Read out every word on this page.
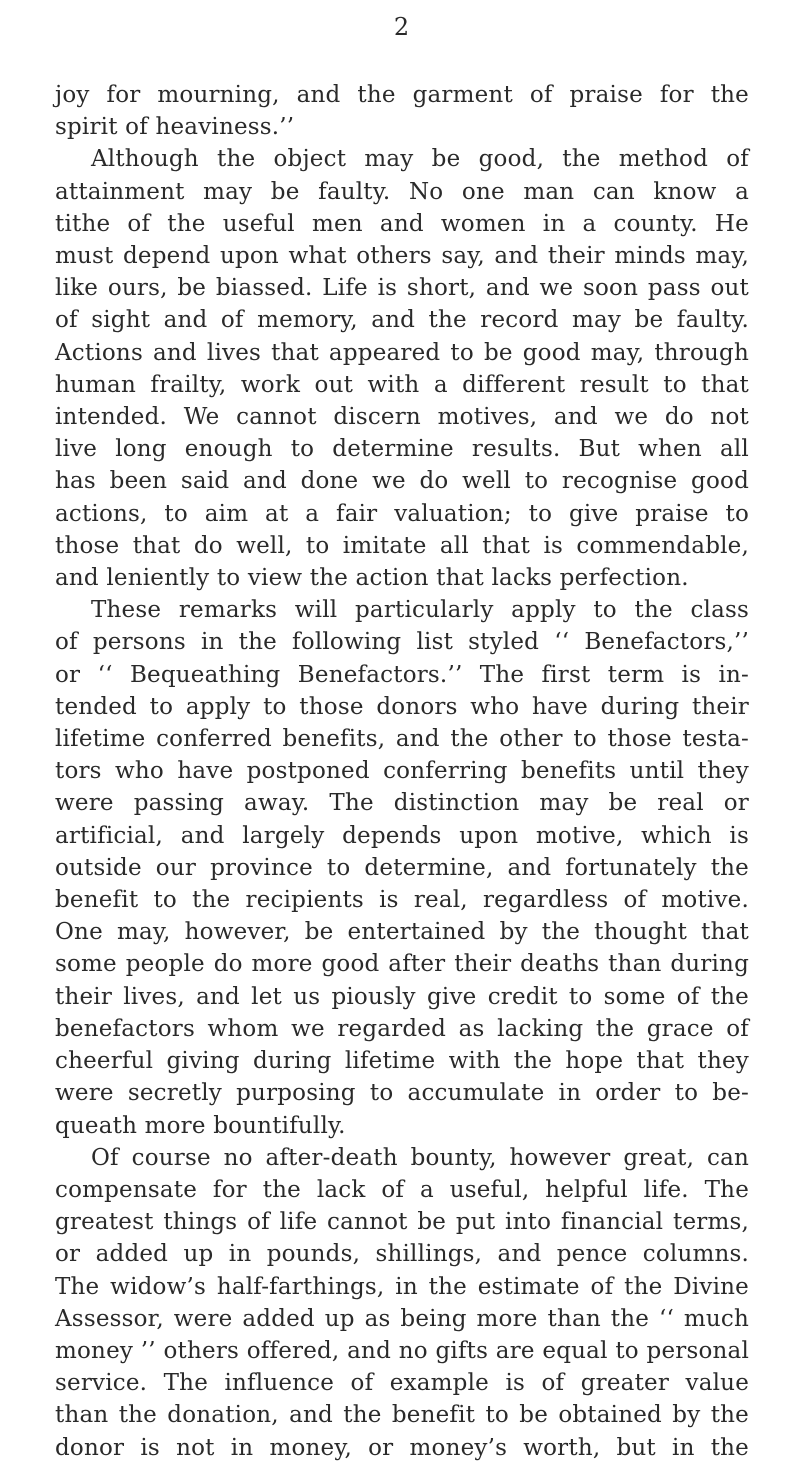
2
joy for mourning, and the garment of praise for the
spirit of heaviness.’’
Although the object may be good, the method of
attainment may be faulty. No one man can know a
tithe of the useful men and women in a county. He
must depend upon what others say, and their minds may,
like ours, be biassed. Life is short, and we soon pass out
of sight and of memory, and the record may be faulty.
Actions and lives that appeared to be good may, through
human frailty, work out with a different result to that
intended. We cannot discern motives, and we do not
live long enough to determine results. But when all
has been said and done we do well to recognise good
actions, to aim at a fair valuation; to give praise to
those that do well, to imitate all that is commendable,
and leniently to view the action that lacks perfection.
These remarks will particularly apply to the class
of persons in the following list styled ‘‘ Benefactors,’’
or ‘‘ Bequeathing Benefactors.’’ The first term is in-
tended to apply to those donors who have during their
lifetime conferred benefits, and the other to those testa-
tors who have postponed conferring benefits until they
were passing away. The distinction may be real or
artificial, and largely depends upon motive, which is
outside our province to determine, and fortunately the
benefit to the recipients is real, regardless of motive.
One may, however, be entertained by the thought that
some people do more good after their deaths than during
their lives, and let us piously give credit to some of the
benefactors whom we regarded as lacking the grace of
cheerful giving during lifetime with the hope that they
were secretly purposing to accumulate in order to be-
queath more bountifully.
Of course no after-death bounty, however great, can
compensate for the lack of a useful, helpful life. The
greatest things of life cannot be put into financial terms,
or added up in pounds, shillings, and pence columns.
The widow’s half-farthings, in the estimate of the Divine
Assessor, were added up as being more than the ‘‘ much
money ’’ others offered, and no gifts are equal to personal
service. The influence of example is of greater value
than the donation, and the benefit to be obtained by the
donor is not in money, or money’s worth, but in the
